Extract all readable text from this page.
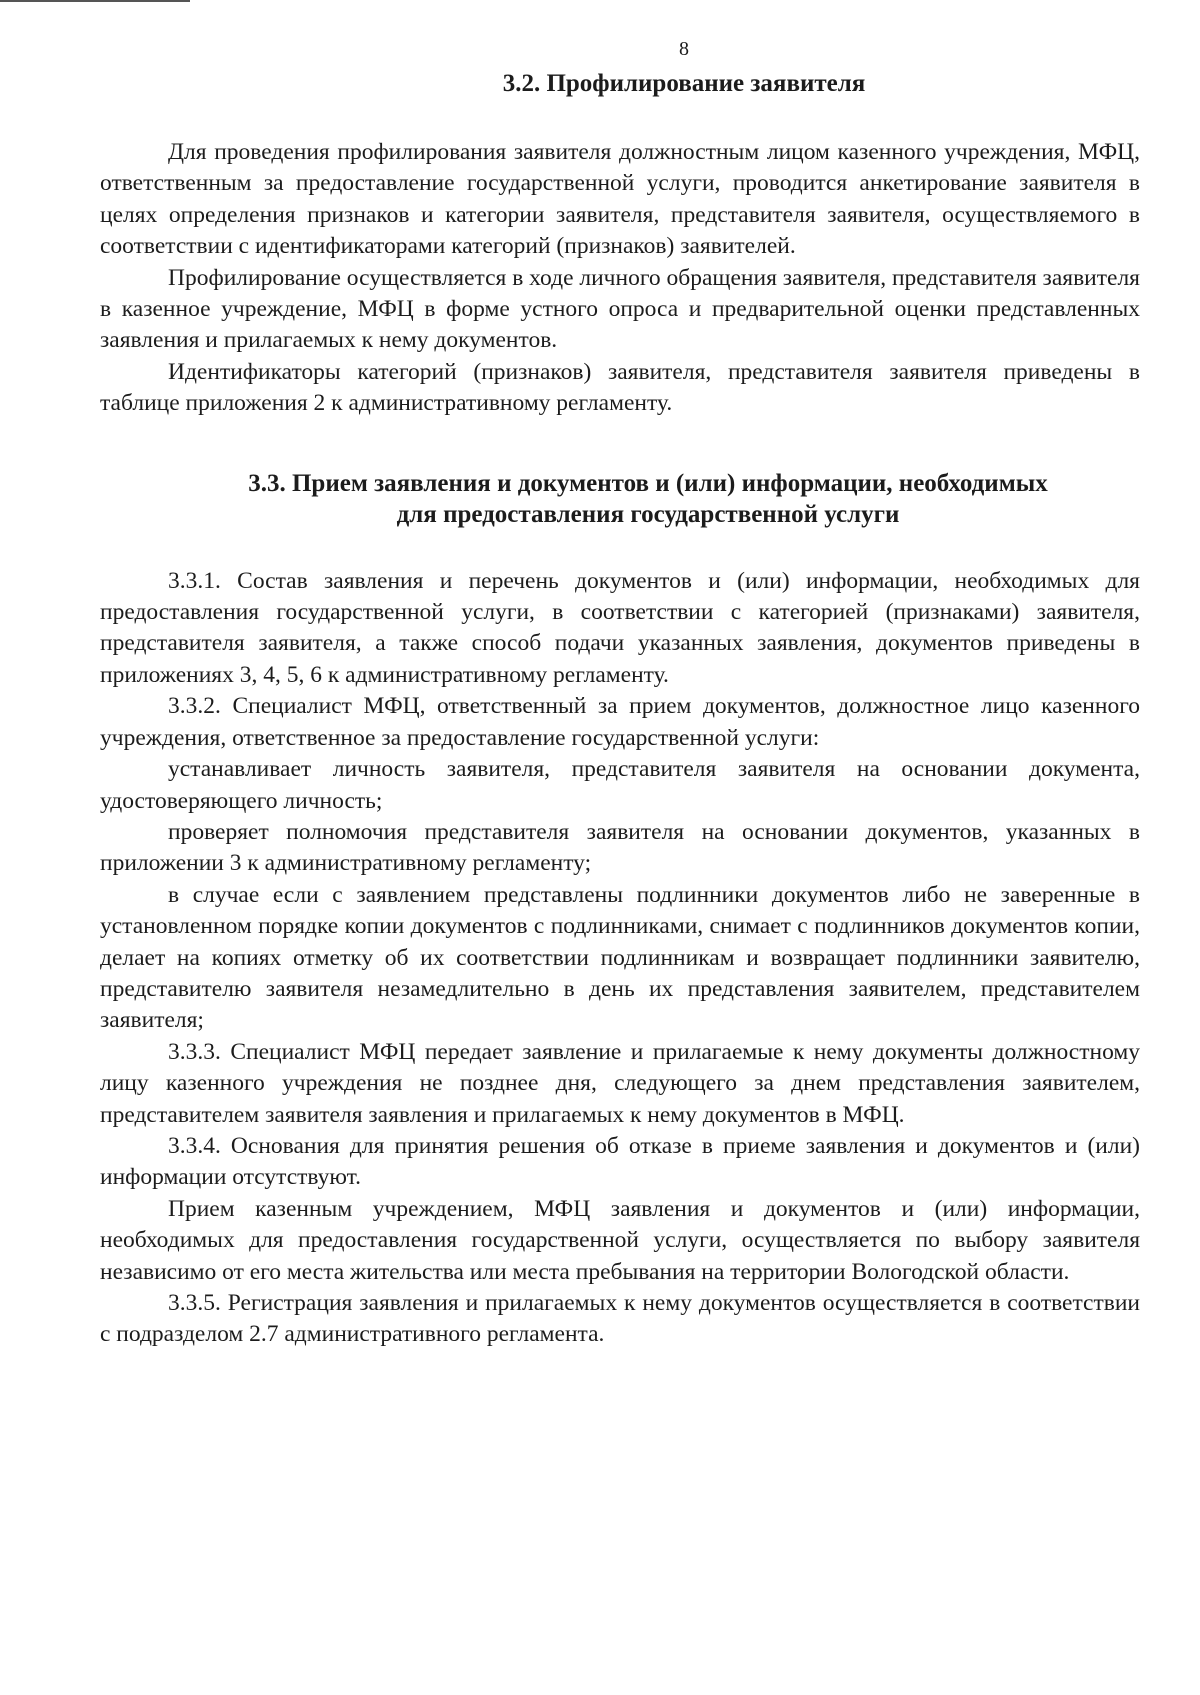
8
3.2. Профилирование заявителя

Для проведения профилирования заявителя должностным лицом казенного учреждения, МФЦ, ответственным за предоставление государственной услуги, проводится анкетирование заявителя в целях определения признаков и категории заявителя, представителя заявителя, осуществляемого в соответствии с идентификаторами категорий (признаков) заявителей.

Профилирование осуществляется в ходе личного обращения заявителя, представителя заявителя в казенное учреждение, МФЦ в форме устного опроса и предварительной оценки представленных заявления и прилагаемых к нему документов.

Идентификаторы категорий (признаков) заявителя, представителя заявителя приведены в таблице приложения 2 к административному регламенту.

3.3. Прием заявления и документов и (или) информации, необходимых
для предоставления государственной услуги

3.3.1. Состав заявления и перечень документов и (или) информации, необходимых для предоставления государственной услуги, в соответствии с категорией (признаками) заявителя, представителя заявителя, а также способ подачи указанных заявления, документов приведены в приложениях 3, 4, 5, 6 к административному регламенту.

3.3.2. Специалист МФЦ, ответственный за прием документов, должностное лицо казенного учреждения, ответственное за предоставление государственной услуги:

устанавливает личность заявителя, представителя заявителя на основании документа, удостоверяющего личность;

проверяет полномочия представителя заявителя на основании документов, указанных в приложении 3 к административному регламенту;

в случае если с заявлением представлены подлинники документов либо не заверенные в установленном порядке копии документов с подлинниками, снимает с подлинников документов копии, делает на копиях отметку об их соответствии подлинникам и возвращает подлинники заявителю, представителю заявителя незамедлительно в день их представления заявителем, представителем заявителя;

3.3.3. Специалист МФЦ передает заявление и прилагаемые к нему документы должностному лицу казенного учреждения не позднее дня, следующего за днем представления заявителем, представителем заявителя заявления и прилагаемых к нему документов в МФЦ.

3.3.4. Основания для принятия решения об отказе в приеме заявления и документов и (или) информации отсутствуют.

Прием казенным учреждением, МФЦ заявления и документов и (или) информации, необходимых для предоставления государственной услуги, осуществляется по выбору заявителя независимо от его места жительства или места пребывания на территории Вологодской области.

3.3.5. Регистрация заявления и прилагаемых к нему документов осуществляется в соответствии с подразделом 2.7 административного регламента.
